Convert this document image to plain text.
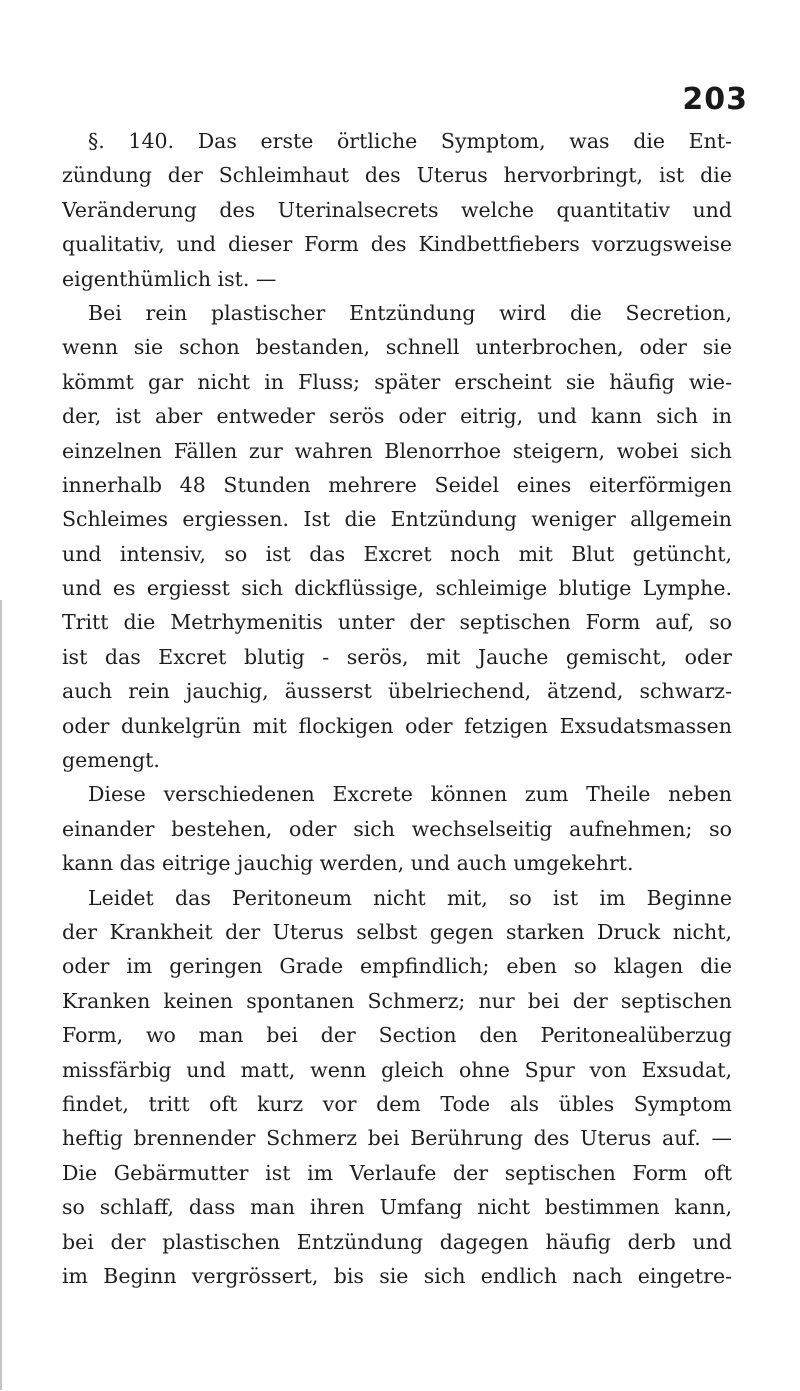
203
§. 140. Das erste örtliche Symptom, was die Ent-
zündung der Schleimhaut des Uterus hervorbringt, ist die
Veränderung des Uterinalsecrets welche quantitativ und
qualitativ, und dieser Form des Kindbettfiebers vorzugsweise
eigenthümlich ist. —
Bei rein plastischer Entzündung wird die Secretion,
wenn sie schon bestanden, schnell unterbrochen, oder sie
kömmt gar nicht in Fluss; später erscheint sie häufig wie-
der, ist aber entweder serös oder eitrig, und kann sich in
einzelnen Fällen zur wahren Blenorrhoe steigern, wobei sich
innerhalb 48 Stunden mehrere Seidel eines eiterförmigen
Schleimes ergiessen. Ist die Entzündung weniger allgemein
und intensiv, so ist das Excret noch mit Blut getüncht,
und es ergiesst sich dickflüssige, schleimige blutige Lymphe.
Tritt die Metrhymenitis unter der septischen Form auf, so
ist das Excret blutig - serös, mit Jauche gemischt, oder
auch rein jauchig, äusserst übelriechend, ätzend, schwarz-
oder dunkelgrün mit flockigen oder fetzigen Exsudatsmassen
gemengt.
Diese verschiedenen Excrete können zum Theile neben
einander bestehen, oder sich wechselseitig aufnehmen; so
kann das eitrige jauchig werden, und auch umgekehrt.
Leidet das Peritoneum nicht mit, so ist im Beginne
der Krankheit der Uterus selbst gegen starken Druck nicht,
oder im geringen Grade empfindlich; eben so klagen die
Kranken keinen spontanen Schmerz; nur bei der septischen
Form, wo man bei der Section den Peritonealüberzug
missfärbig und matt, wenn gleich ohne Spur von Exsudat,
findet, tritt oft kurz vor dem Tode als übles Symptom
heftig brennender Schmerz bei Berührung des Uterus auf. —
Die Gebärmutter ist im Verlaufe der septischen Form oft
so schlaff, dass man ihren Umfang nicht bestimmen kann,
bei der plastischen Entzündung dagegen häufig derb und
im Beginn vergrössert, bis sie sich endlich nach eingetre-
